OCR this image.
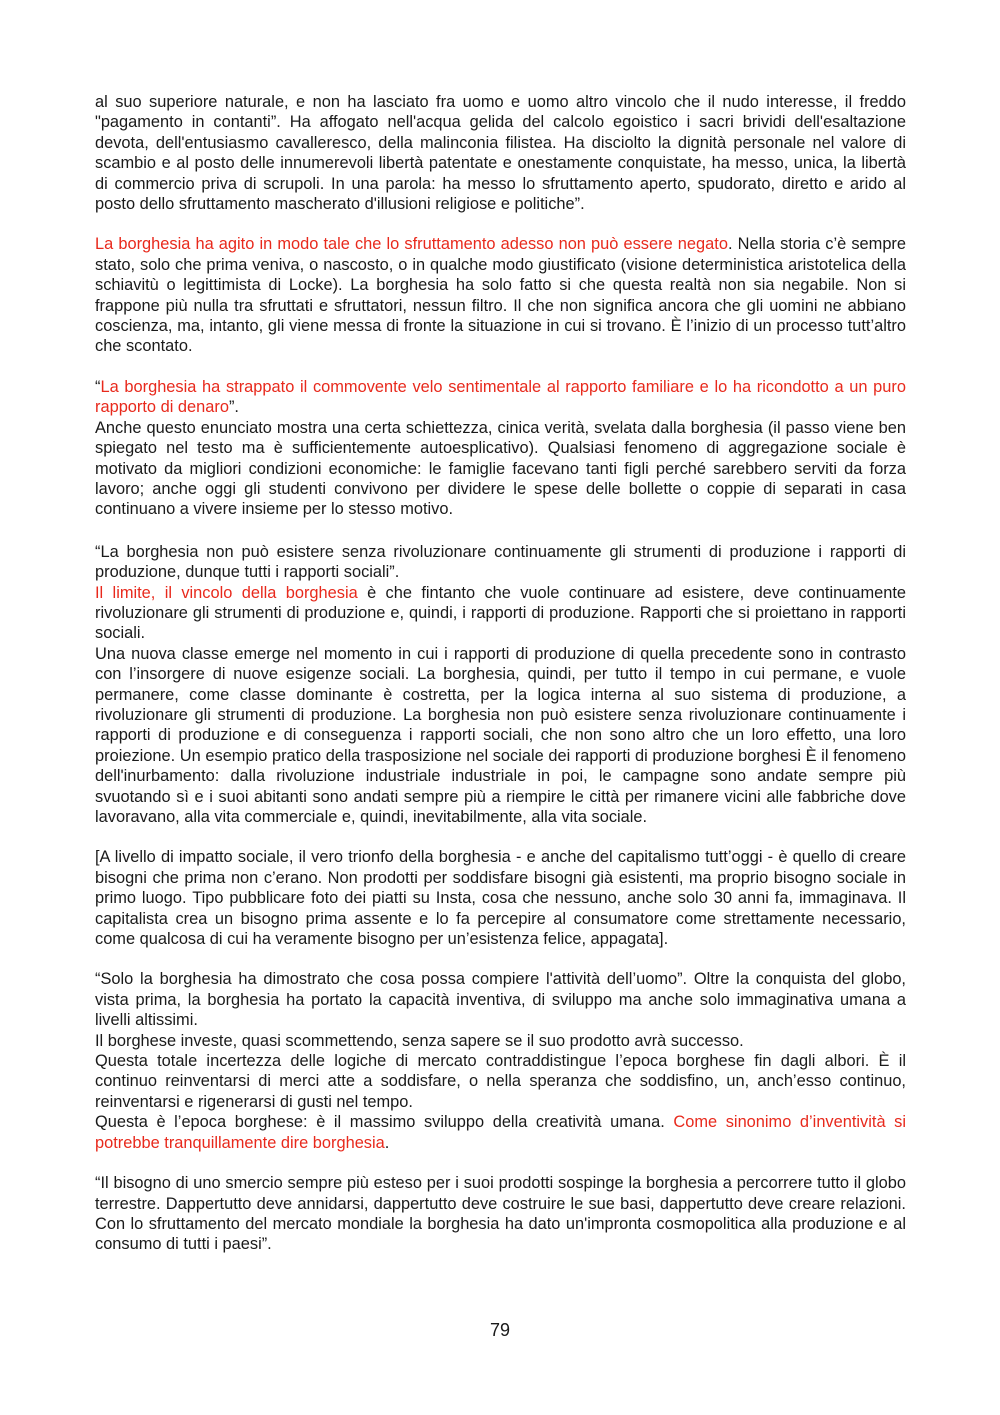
al suo superiore naturale, e non ha lasciato fra uomo e uomo altro vincolo che il nudo interesse, il freddo "pagamento in contanti”. Ha affogato nell'acqua gelida del calcolo egoistico i sacri brividi dell'esaltazione devota, dell'entusiasmo cavalleresco, della malinconia filistea. Ha disciolto la dignità personale nel valore di scambio e al posto delle innumerevoli libertà patentate e onestamente conquistate, ha messo, unica, la libertà di commercio priva di scrupoli. In una parola: ha messo lo sfruttamento aperto, spudorato, diretto e arido al posto dello sfruttamento mascherato d'illusioni religiose e politiche”.

La borghesia ha agito in modo tale che lo sfruttamento adesso non può essere negato. Nella storia c’è sempre stato, solo che prima veniva, o nascosto, o in qualche modo giustificato (visione deterministica aristotelica della schiavitù o legittimista di Locke). La borghesia ha solo fatto si che questa realtà non sia negabile. Non si frappone più nulla tra sfruttati e sfruttatori, nessun filtro. Il che non significa ancora che gli uomini ne abbiano coscienza, ma, intanto, gli viene messa di fronte la situazione in cui si trovano. È l’inizio di un processo tutt’altro che scontato.

“La borghesia ha strappato il commovente velo sentimentale al rapporto familiare e lo ha ricondotto a un puro rapporto di denaro”.

Anche questo enunciato mostra una certa schiettezza, cinica verità, svelata dalla borghesia (il passo viene ben spiegato nel testo ma è sufficientemente autoesplicativo). Qualsiasi fenomeno di aggregazione sociale è motivato da migliori condizioni economiche: le famiglie facevano tanti figli perché sarebbero serviti da forza lavoro; anche oggi gli studenti convivono per dividere le spese delle bollette o coppie di separati in casa continuano a vivere insieme per lo stesso motivo.

“La borghesia non può esistere senza rivoluzionare continuamente gli strumenti di produzione i rapporti di produzione, dunque tutti i rapporti sociali”.

Il limite, il vincolo della borghesia è che fintanto che vuole continuare ad esistere, deve continuamente rivoluzionare gli strumenti di produzione e, quindi, i rapporti di produzione. Rapporti che si proiettano in rapporti sociali.

Una nuova classe emerge nel momento in cui i rapporti di produzione di quella precedente sono in contrasto con l’insorgere di nuove esigenze sociali. La borghesia, quindi, per tutto il tempo in cui permane, e vuole permanere, come classe dominante è costretta, per la logica interna al suo sistema di produzione, a rivoluzionare gli strumenti di produzione. La borghesia non può esistere senza rivoluzionare continuamente i rapporti di produzione e di conseguenza i rapporti sociali, che non sono altro che un loro effetto, una loro proiezione. Un esempio pratico della trasposizione nel sociale dei rapporti di produzione borghesi È il fenomeno dell'inurbamento: dalla rivoluzione industriale industriale in poi, le campagne sono andate sempre più svuotando sì e i suoi abitanti sono andati sempre più a riempire le città per rimanere vicini alle fabbriche dove lavoravano, alla vita commerciale e, quindi, inevitabilmente, alla vita sociale.

[A livello di impatto sociale, il vero trionfo della borghesia - e anche del capitalismo tutt’oggi - è quello di creare bisogni che prima non c’erano. Non prodotti per soddisfare bisogni già esistenti, ma proprio bisogno sociale in primo luogo. Tipo pubblicare foto dei piatti su Insta, cosa che nessuno, anche solo 30 anni fa, immaginava. Il capitalista crea un bisogno prima assente e lo fa percepire al consumatore come strettamente necessario, come qualcosa di cui ha veramente bisogno per un’esistenza felice, appagata].

“Solo la borghesia ha dimostrato che cosa possa compiere l'attività dell’uomo”. Oltre la conquista del globo, vista prima, la borghesia ha portato la capacità inventiva, di sviluppo ma anche solo immaginativa umana a livelli altissimi.

Il borghese investe, quasi scommettendo, senza sapere se il suo prodotto avrà successo.

Questa totale incertezza delle logiche di mercato contraddistingue l’epoca borghese fin dagli albori. È il continuo reinventarsi di merci atte a soddisfare, o nella speranza che soddisfino, un, anch’esso continuo, reinventarsi e rigenerarsi di gusti nel tempo.

Questa è l’epoca borghese: è il massimo sviluppo della creatività umana. Come sinonimo d’inventività si potrebbe tranquillamente dire borghesia.

“Il bisogno di uno smercio sempre più esteso per i suoi prodotti sospinge la borghesia a percorrere tutto il globo terrestre. Dappertutto deve annidarsi, dappertutto deve costruire le sue basi, dappertutto deve creare relazioni. Con lo sfruttamento del mercato mondiale la borghesia ha dato un'impronta cosmopolitica alla produzione e al consumo di tutti i paesi”.

79
